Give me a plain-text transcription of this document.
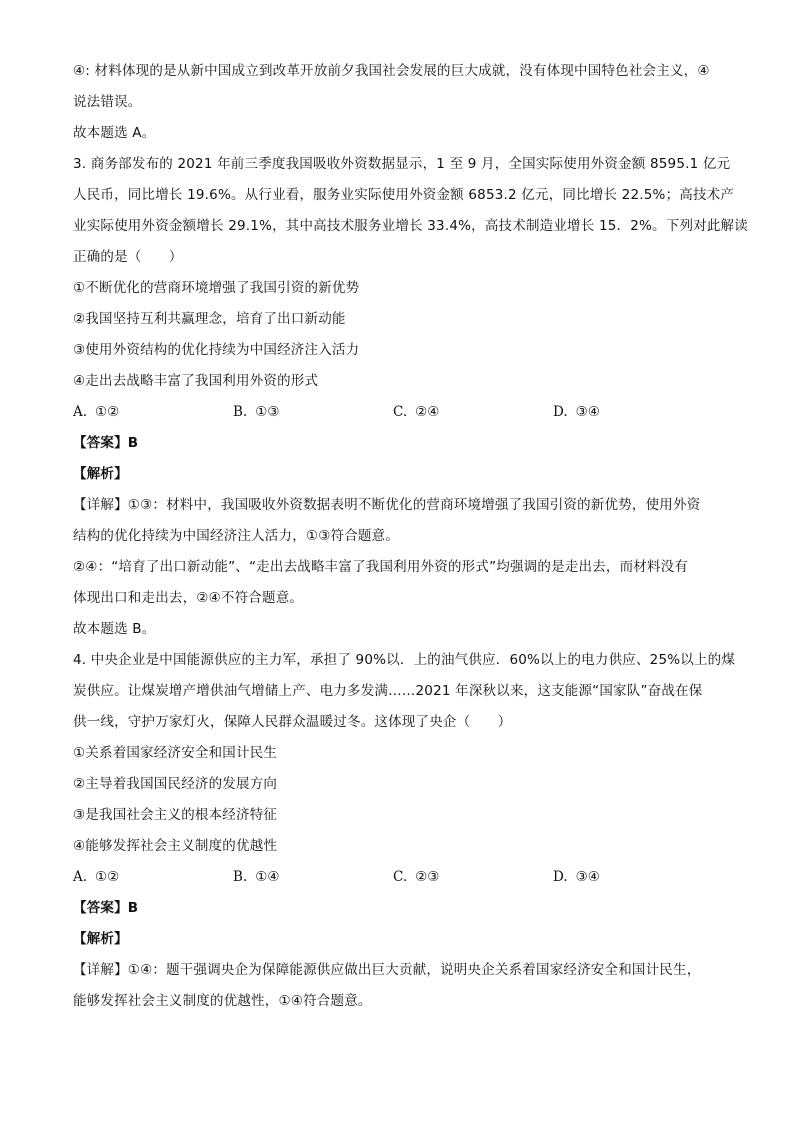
④: 材料体现的是从新中国成立到改革开放前夕我国社会发展的巨大成就，没有体现中国特色社会主义，④
说法错误。
故本题选 A。
3. 商务部发布的 2021 年前三季度我国吸收外资数据显示，1 至 9 月，全国实际使用外资金额 8595.1 亿元
人民币，同比增长 19.6%。从行业看，服务业实际使用外资金额 6853.2 亿元，同比增长 22.5%；高技术产
业实际使用外资金额增长 29.1%，其中高技术服务业增长 33.4%，高技术制造业增长 15．2%。下列对此解读
正确的是（　　）
①不断优化的营商环境增强了我国引资的新优势
②我国坚持互利共赢理念，培育了出口新动能
③使用外资结构的优化持续为中国经济注入活力
④走出去战略丰富了我国利用外资的形式
A. ①②	B. ①③	C. ②④	D. ③④
【答案】B
【解析】
【详解】①③：材料中，我国吸收外资数据表明不断优化的营商环境增强了我国引资的新优势，使用外资
结构的优化持续为中国经济注人活力，①③符合题意。
②④：“培育了出口新动能”、“走出去战略丰富了我国利用外资的形式”均强调的是走出去，而材料没有
体现出口和走出去，②④不符合题意。
故本题选 B。
4. 中央企业是中国能源供应的主力军，承担了 90%以．上的油气供应．60%以上的电力供应、25%以上的煤
炭供应。让煤炭增产增供油气增储上产、电力多发满……2021 年深秋以来，这支能源“国家队”奋战在保
供一线，守护万家灯火，保障人民群众温暖过冬。这体现了央企（　　）
①关系着国家经济安全和国计民生
②主导着我国国民经济的发展方向
③是我国社会主义的根本经济特征
④能够发挥社会主义制度的优越性
A. ①②	B. ①④	C. ②③	D. ③④
【答案】B
【解析】
【详解】①④：题干强调央企为保障能源供应做出巨大贡献，说明央企关系着国家经济安全和国计民生，
能够发挥社会主义制度的优越性，①④符合题意。
